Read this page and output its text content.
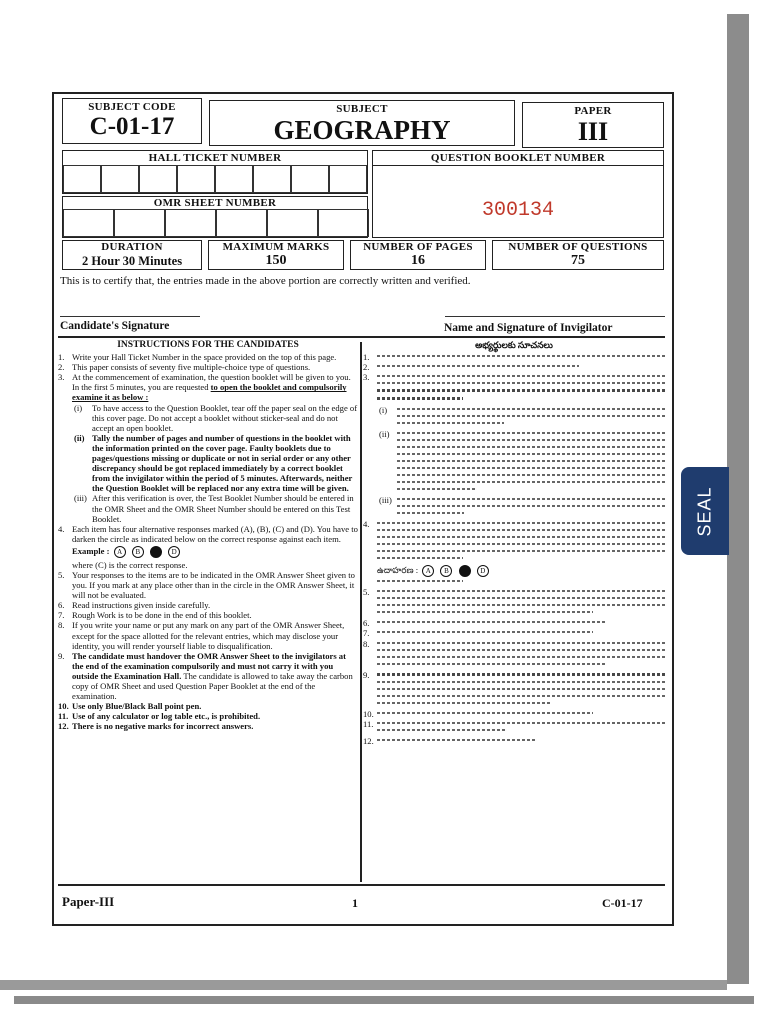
SUBJECT CODE
C-01-17
SUBJECT
GEOGRAPHY
PAPER
III
HALL TICKET NUMBER
OMR SHEET NUMBER
QUESTION BOOKLET NUMBER
300134
DURATION
2 Hour 30 Minutes
MAXIMUM MARKS
150
NUMBER OF PAGES
16
NUMBER OF QUESTIONS
75
This is to certify that, the entries made in the above portion are correctly written and verified.
Candidate's Signature	Name and Signature of Invigilator

INSTRUCTIONS FOR THE CANDIDATES

1. Write your Hall Ticket Number in the space provided on the top of this page.
2. This paper consists of seventy five multiple-choice type of questions.
3. At the commencement of examination, the question booklet will be given to you. In the first 5 minutes, you are requested to open the booklet and compulsorily examine it as below :
(i)	To have access to the Question Booklet, tear off the paper seal on the edge of this cover page. Do not accept a booklet without sticker-seal and do not accept an open booklet.
(ii) Tally the number of pages and number of questions in the booklet with the information printed on the cover page. Faulty booklets due to pages/questions missing or duplicate or not in serial order or any other discrepancy should be got replaced immediately by a correct booklet from the invigilator within the period of 5 minutes. Afterwards, neither the Question Booklet will be replaced nor any extra time will be given.
(iii) After this verification is over, the Test Booklet Number should be entered in the OMR Sheet and the OMR Sheet Number should be entered on this Test Booklet.
4. Each item has four alternative responses marked (A), (B), (C) and (D). You have to darken the circle as indicated below on the correct response against each item.
Example : A B	D
where (C) is the correct response.
5. Your responses to the items are to be indicated in the OMR Answer Sheet given to you. If you mark at any place other than in the circle in the OMR Answer Sheet, it will not be evaluated.
6. Read instructions given inside carefully.
7. Rough Work is to be done in the end of this booklet.
8. If you write your name or put any mark on any part of the OMR Answer Sheet, except for the space allotted for the relevant entries, which may disclose your identity, you will render yourself liable to disqualification.
9. The candidate must handover the OMR Answer Sheet to the invigilators at the end of the examination compulsorily and must not carry it with you outside the Examination Hall. The candidate is allowed to take away the carbon copy of OMR Sheet and used Question Paper Booklet at the end of the examination.
10. Use only Blue/Black Ball point pen.
11. Use of any calculator or log table etc., is prohibited.
12. There is no negative marks for incorrect answers.

అభ్యర్థులకు సూచనలు

1.
2.
3.
(i)
(ii)
(iii)
4.
ఉదాహరణ : A B	D
5.
6.
7.
8.
9.
10.
11.
12.
Paper-III	1	C-01-17
SEAL
